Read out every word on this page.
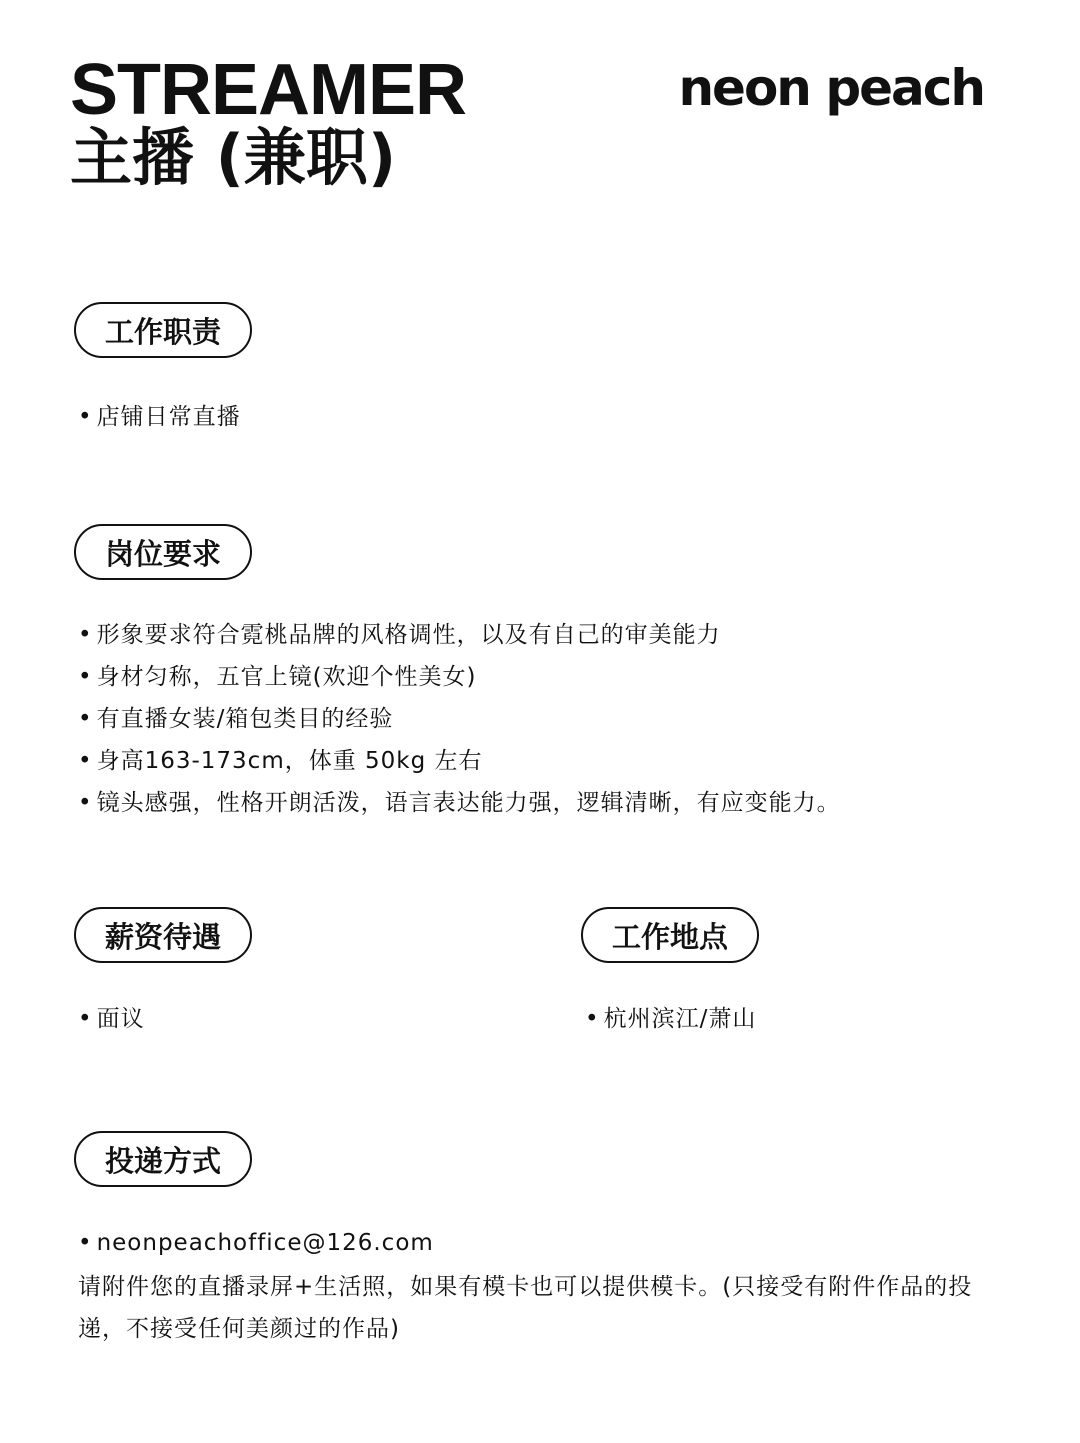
STREAMER
主播 (兼职)
neon peach
工作职责
• 店铺日常直播
岗位要求
• 形象要求符合霓桃品牌的风格调性，以及有自己的审美能力
• 身材匀称，五官上镜(欢迎个性美女)
• 有直播女装/箱包类目的经验
• 身高163-173cm，体重 50kg 左右
• 镜头感强，性格开朗活泼，语言表达能力强，逻辑清晰，有应变能力。
薪资待遇
• 面议
工作地点
• 杭州滨江/萧山
投递方式
• neonpeachoffice@126.com
请附件您的直播录屏+生活照，如果有模卡也可以提供模卡。(只接受有附件作品的投递，不接受任何美颜过的作品)
